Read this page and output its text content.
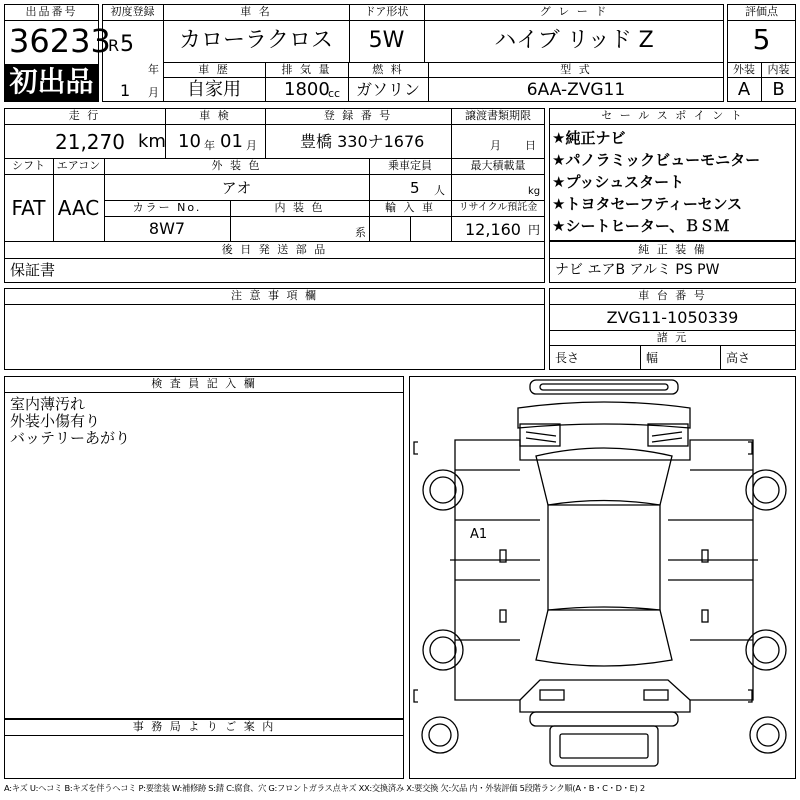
出品番号
36233
初出品
初度登録
R 5
年
1 月
車 名
カローラクロス
ドア形状
5W
グ レ ー ド
ハイブ リッド Z
車 歴
自家用
排 気 量
1800
cc
燃 料
ガソリン
型 式
6AA-ZVG11
評価点
5
外装	内装
A	B
走 行
21,270 km
車 検
10 年 01 月
登 録 番 号
豊橋 330ナ1676
譲渡書類期限
月 日
シフト
FAT
エアコン
AAC
外 装 色
アオ
乗車定員
5 人
最大積載量
kg
カラー No.
8W7
内 装 色
系
輸 入 車	リサイクル預託金
12,160 円
後 日 発 送 部 品
保証書
セ ー ル ス ポ イ ン ト
★純正ナビ
★パノラミックビューモニター
★プッシュスタート
★トヨタセーフティーセンス
★シートヒーター、ＢＳＭ
純 正 装 備
ナビ エアB アルミ PS PW
注 意 事 項 欄	車 台 番 号
ZVG11-1050339
諸 元
長さ	幅	高さ
検 査 員 記 入 欄
室内薄汚れ
外装小傷有り
バッテリーあがり
事 務 局 よ り ご 案 内
A1
A:キズ U:ヘコミ B:キズを伴うヘコミ P:要塗装 W:補修跡 S:錆 C:腐食、穴 G:フロントガラス点キズ XX:交換済み X:要交換 欠:欠品 内・外装評価 5段階ランク順(A・B・C・D・E) 2
